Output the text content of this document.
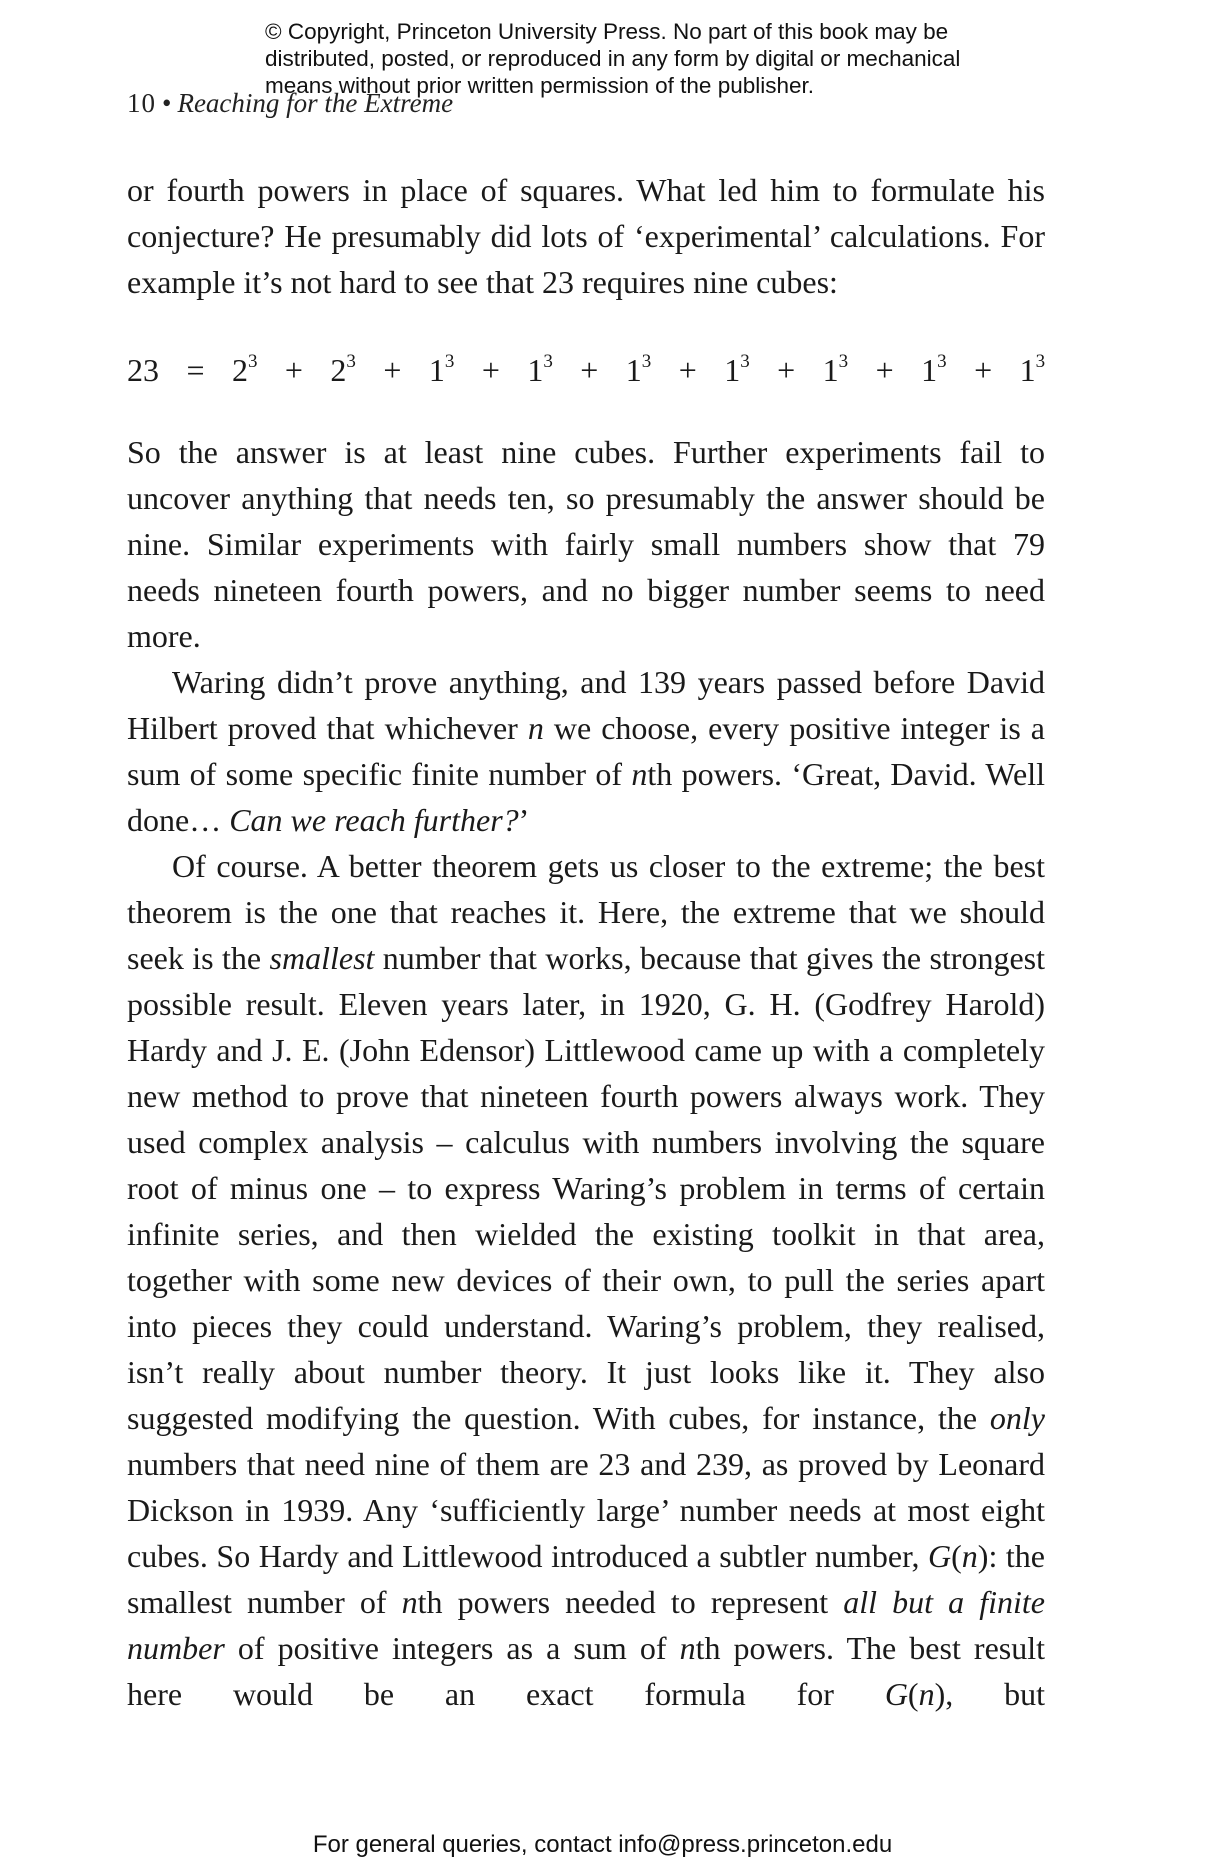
© Copyright, Princeton University Press. No part of this book may be
distributed, posted, or reproduced in any form by digital or mechanical
means without prior written permission of the publisher.
10 • Reaching for the Extreme

or fourth powers in place of squares. What led him to formulate his conjecture? He presumably did lots of ‘experimental’ calculations. For example it’s not hard to see that 23 requires nine cubes:

$23 = 2^3 + 2^3 + 1^3 + 1^3 + 1^3 + 1^3 + 1^3 + 1^3 + 1^3$

So the answer is at least nine cubes. Further experiments fail to uncover anything that needs ten, so presumably the answer should be nine. Similar experiments with fairly small numbers show that 79 needs nineteen fourth powers, and no bigger number seems to need more.

Waring didn’t prove anything, and 139 years passed before David Hilbert proved that whichever n we choose, every positive integer is a sum of some specific finite number of nth powers. ‘Great, David. Well done… Can we reach further?’

Of course. A better theorem gets us closer to the extreme; the best theorem is the one that reaches it. Here, the extreme that we should seek is the smallest number that works, because that gives the strongest possible result. Eleven years later, in 1920, G. H. (Godfrey Harold) Hardy and J. E. (John Edensor) Littlewood came up with a completely new method to prove that nineteen fourth powers always work. They used complex analysis – calculus with numbers involving the square root of minus one – to express Waring’s problem in terms of certain infinite series, and then wielded the existing toolkit in that area, together with some new devices of their own, to pull the series apart into pieces they could understand. Waring’s problem, they realised, isn’t really about number theory. It just looks like it. They also suggested modifying the question. With cubes, for instance, the only numbers that need nine of them are 23 and 239, as proved by Leonard Dickson in 1939. Any ‘sufficiently large’ number needs at most eight cubes. So Hardy and Littlewood introduced a subtler number, G(n): the smallest number of nth powers needed to represent all but a finite number of positive integers as a sum of nth powers. The best result here would be an exact formula for G(n), but

For general queries, contact info@press.princeton.edu
